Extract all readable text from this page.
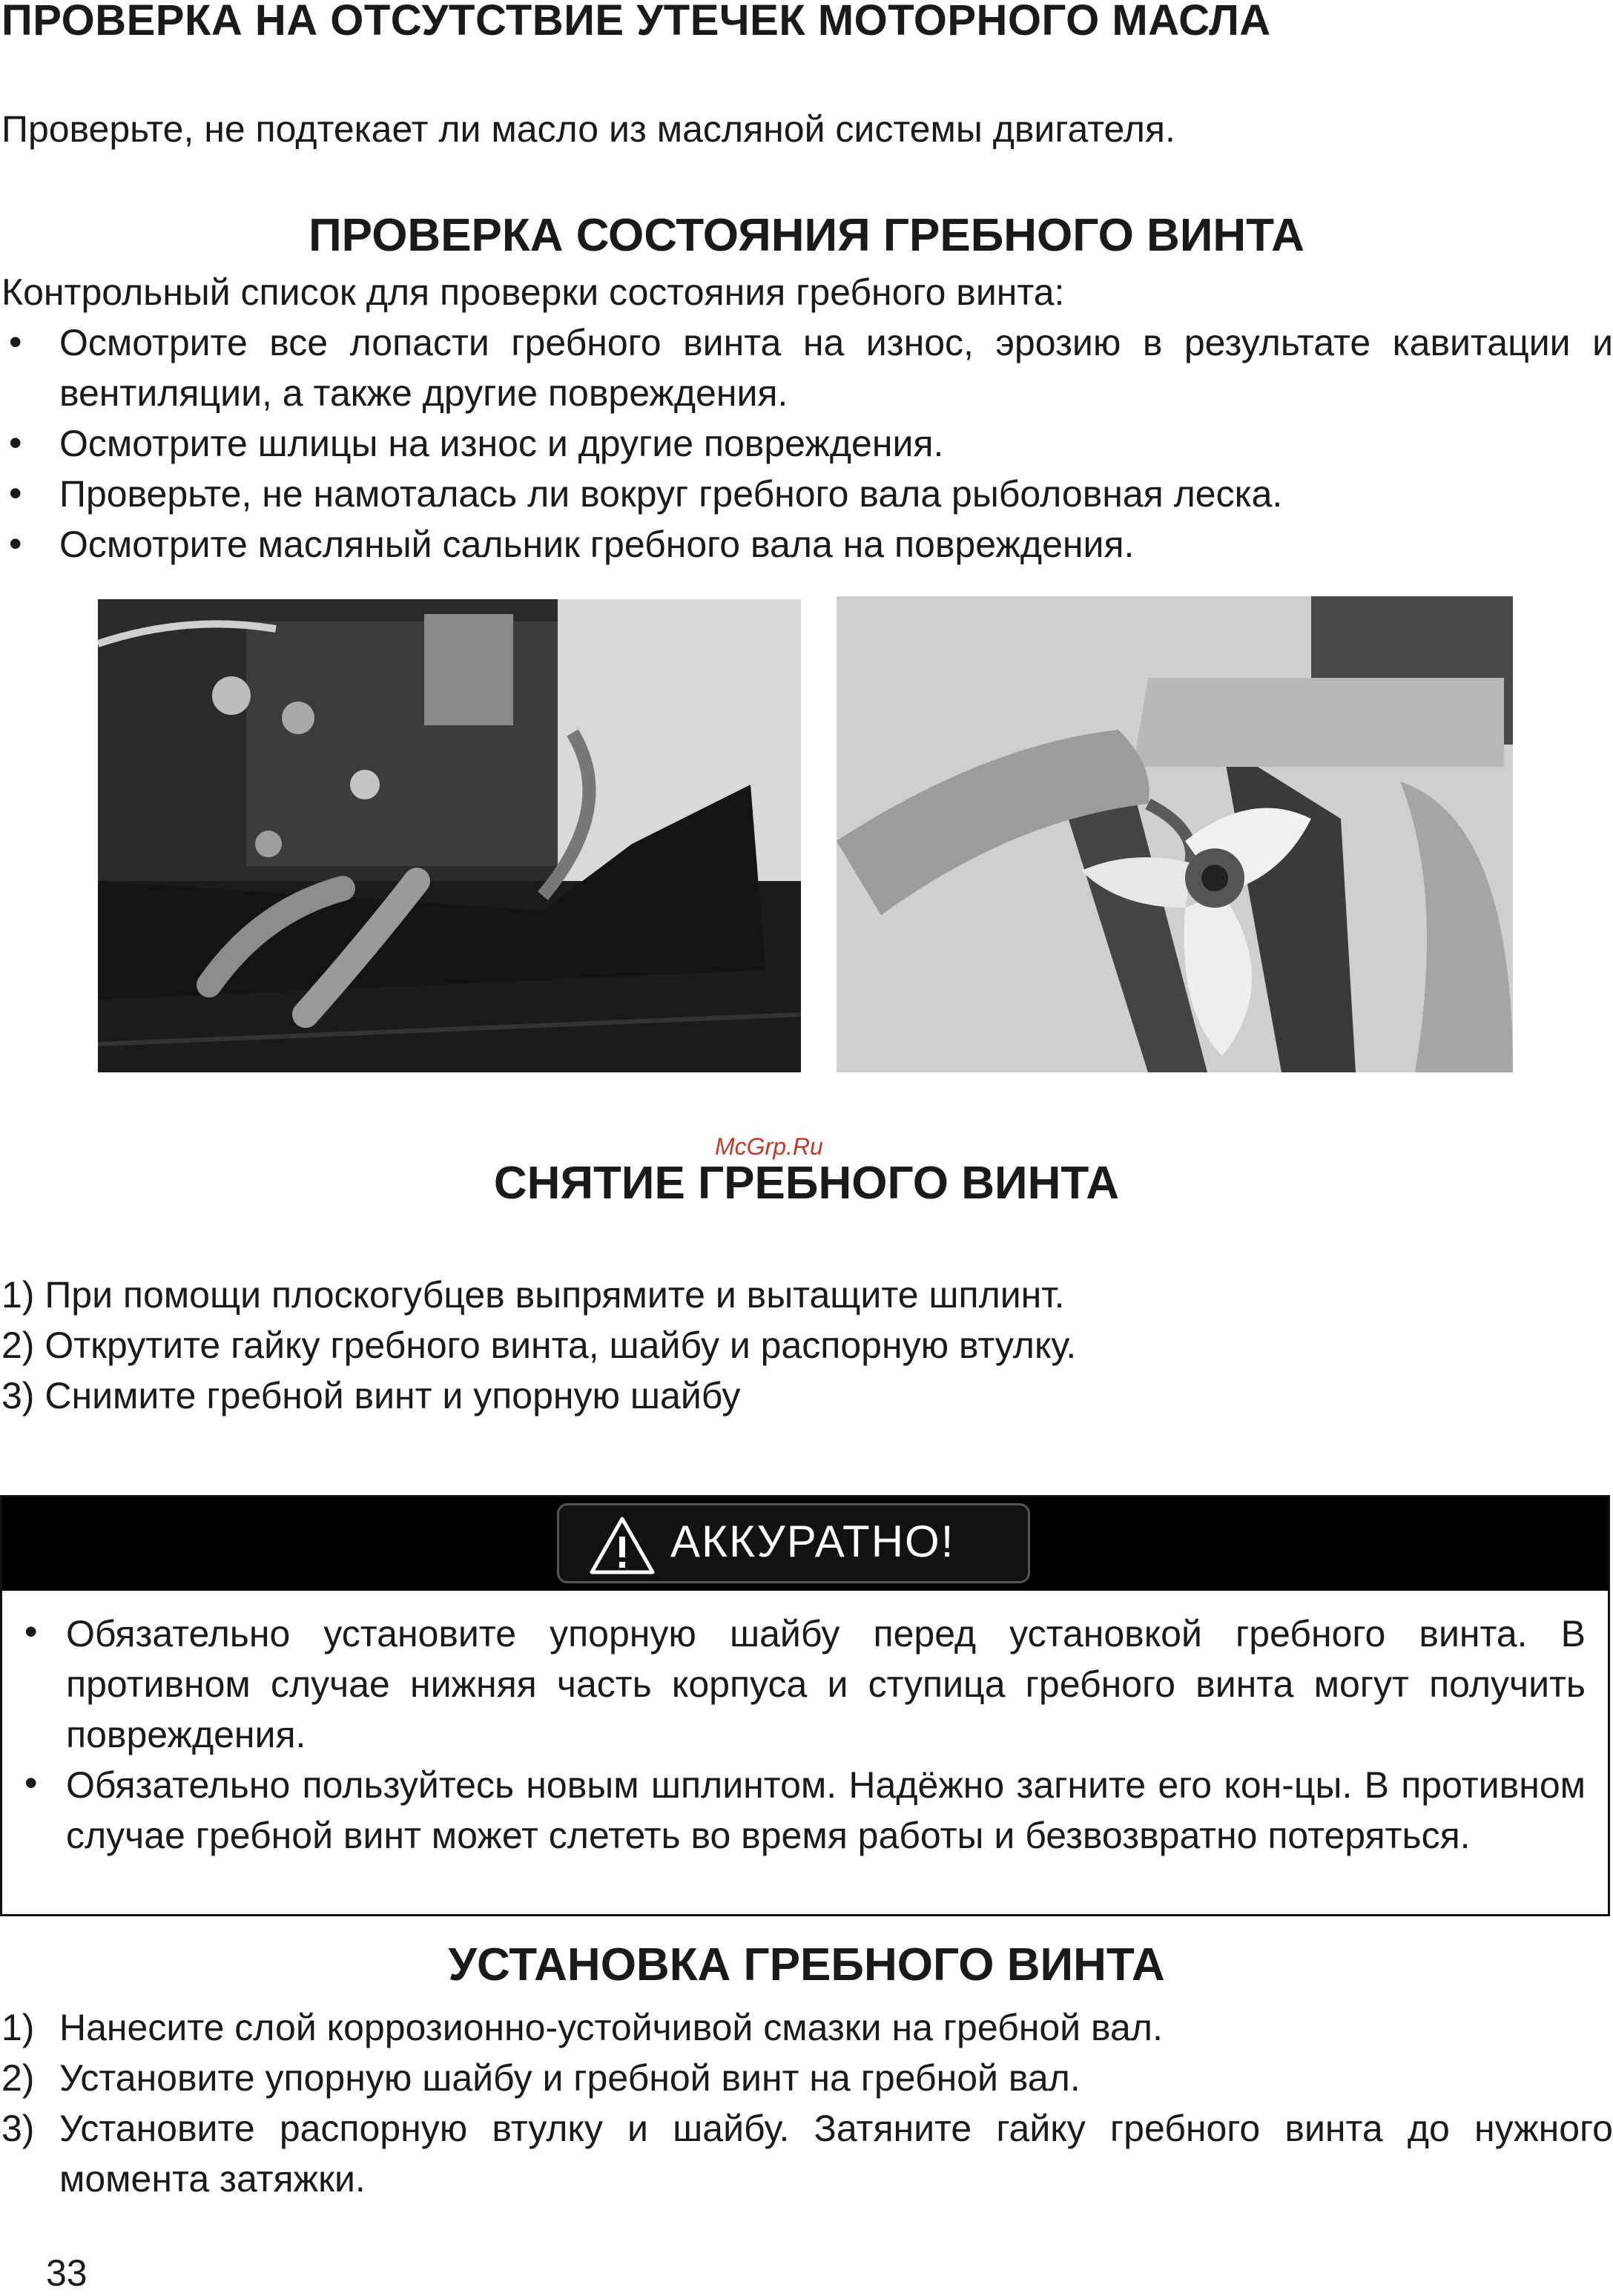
ПРОВЕРКА НА ОТСУТСТВИЕ УТЕЧЕК МОТОРНОГО МАСЛА
Проверьте, не подтекает ли масло из масляной системы двигателя.
ПРОВЕРКА СОСТОЯНИЯ ГРЕБНОГО ВИНТА
Контрольный список для проверки состояния гребного винта:
•	Осмотрите все лопасти гребного винта на износ, эрозию в результате кавитации и вентиляции, а также другие повреждения.
•	Осмотрите шлицы на износ и другие повреждения.
•	Проверьте, не намоталась ли вокруг гребного вала рыболовная леска.
•	Осмотрите масляный сальник гребного вала на повреждения.
McGrp.Ru
СНЯТИЕ ГРЕБНОГО ВИНТА
1) При помощи плоскогубцев выпрямите и вытащите шплинт.
2) Открутите гайку гребного винта, шайбу и распорную втулку.
3) Снимите гребной винт и упорную шайбу
АККУРАТНО!
• Обязательно установите упорную шайбу перед установкой гребного винта. В противном случае нижняя часть корпуса и ступица гребного винта могут получить повреждения.
• Обязательно пользуйтесь новым шплинтом. Надёжно загните его кон-цы. В противном случае гребной винт может слететь во время работы и безвозвратно потеряться.
УСТАНОВКА ГРЕБНОГО ВИНТА
1) Нанесите слой коррозионно-устойчивой смазки на гребной вал.
2) Установите упорную шайбу и гребной винт на гребной вал.
3) Установите распорную втулку и шайбу. Затяните гайку гребного винта до нужного момента затяжки.
33
